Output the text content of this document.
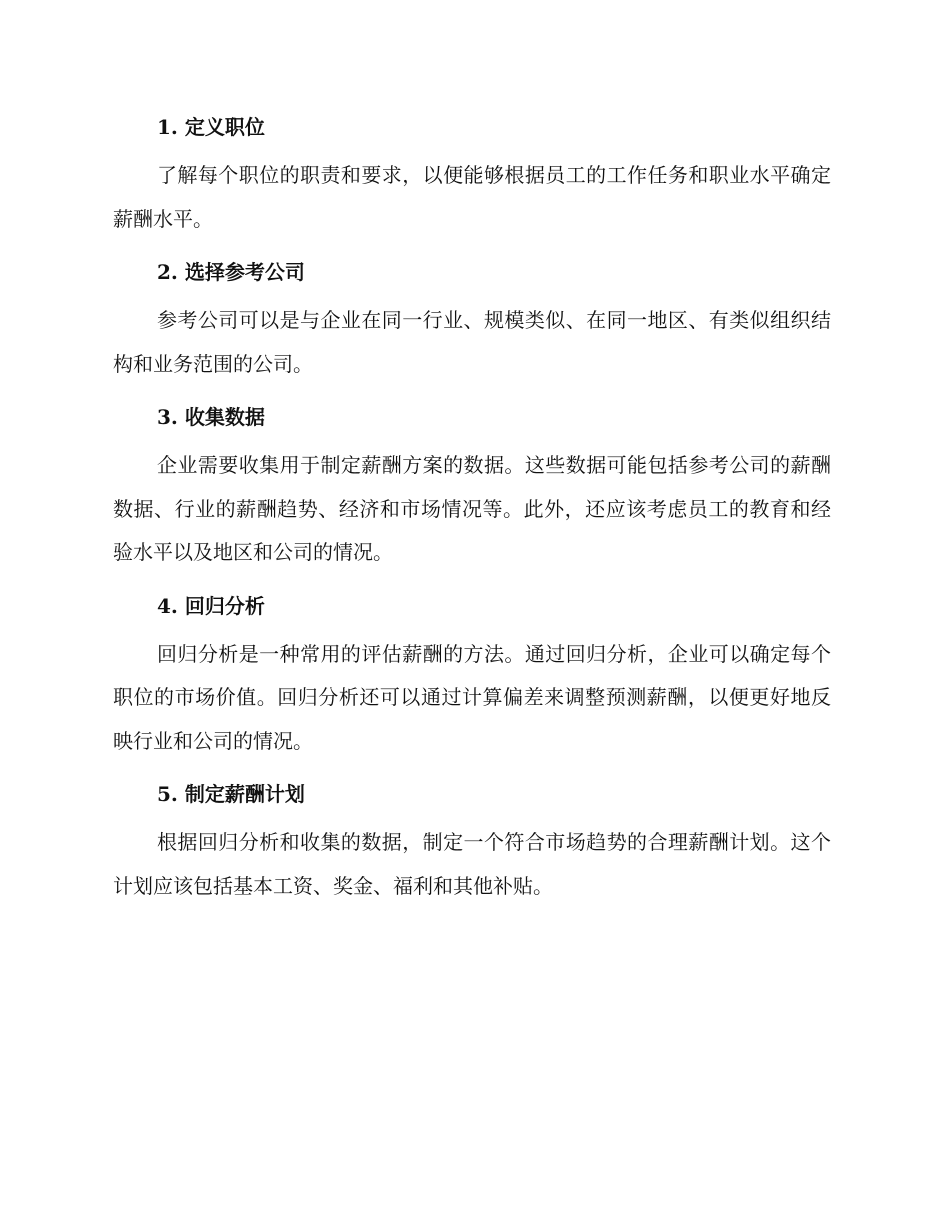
1. 定义职位

了解每个职位的职责和要求，以便能够根据员工的工作任务和职业水平确定薪酬水平。

2. 选择参考公司

参考公司可以是与企业在同一行业、规模类似、在同一地区、有类似组织结构和业务范围的公司。

3. 收集数据

企业需要收集用于制定薪酬方案的数据。这些数据可能包括参考公司的薪酬数据、行业的薪酬趋势、经济和市场情况等。此外，还应该考虑员工的教育和经验水平以及地区和公司的情况。

4. 回归分析

回归分析是一种常用的评估薪酬的方法。通过回归分析，企业可以确定每个职位的市场价值。回归分析还可以通过计算偏差来调整预测薪酬，以便更好地反映行业和公司的情况。

5. 制定薪酬计划

根据回归分析和收集的数据，制定一个符合市场趋势的合理薪酬计划。这个计划应该包括基本工资、奖金、福利和其他补贴。
